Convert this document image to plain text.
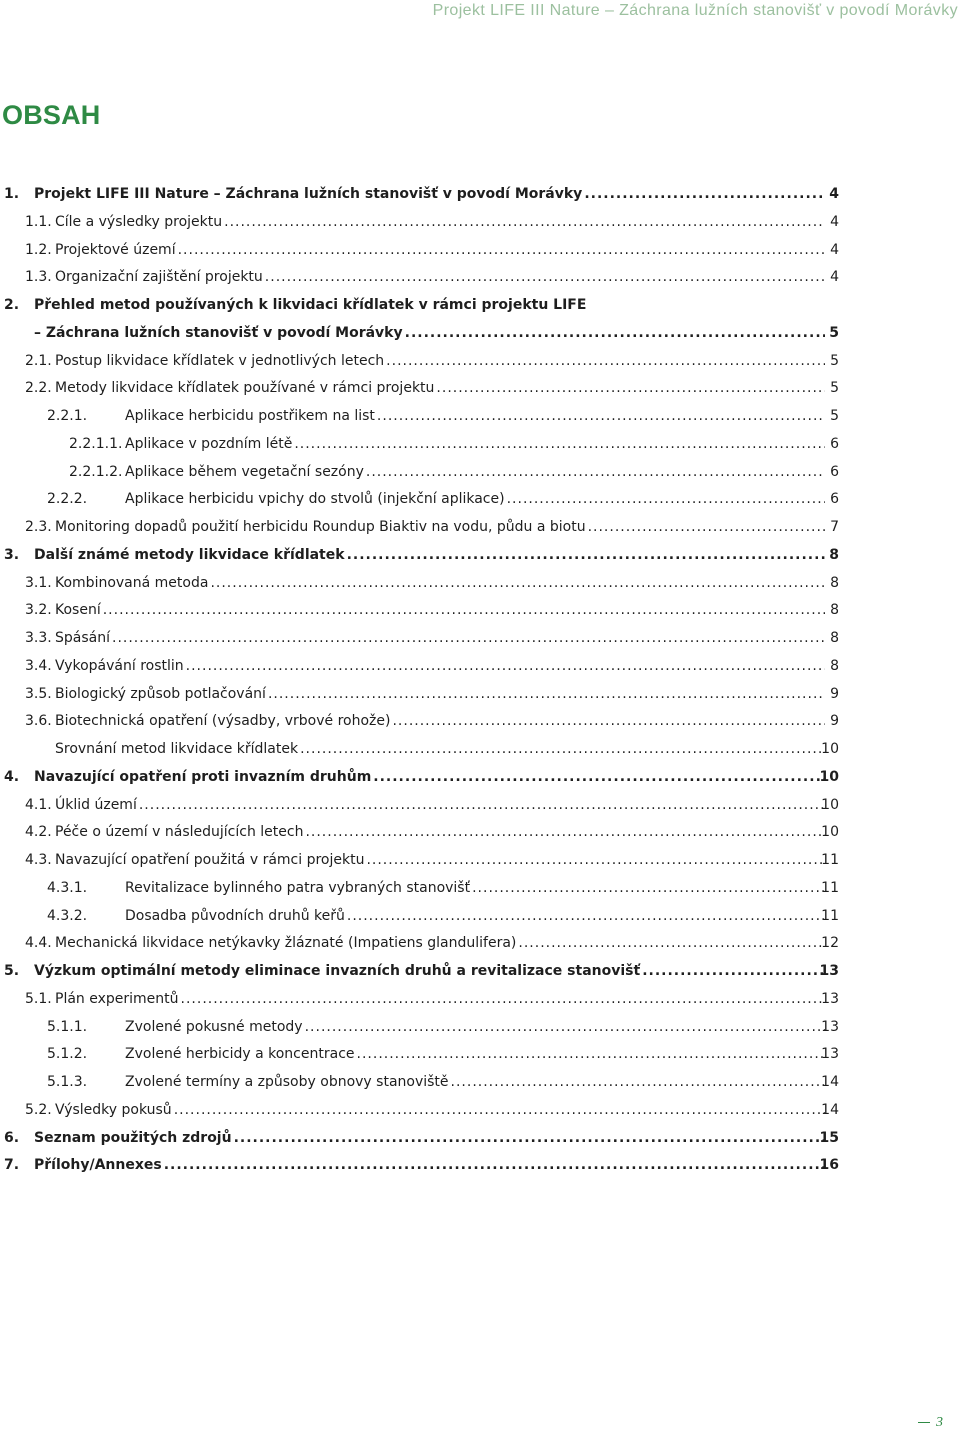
Projekt LIFE III Nature – Záchrana lužních stanovišť v povodí Morávky
OBSAH
1. Projekt LIFE III Nature – Záchrana lužních stanovišť v povodí Morávky .....	4
1.1. Cíle a výsledky projektu .....	4
1.2. Projektové území .....	4
1.3. Organizační zajištění projektu .....	4
2. Přehled metod používaných k likvidaci křídlatek v rámci projektu LIFE
– Záchrana lužních stanovišť v povodí Morávky .....	5
2.1. Postup likvidace křídlatek v jednotlivých letech .....	5
2.2. Metody likvidace křídlatek používané v rámci projektu .....	5
2.2.1.	Aplikace herbicidu postřikem na list .....	5
2.2.1.1. Aplikace v pozdním létě .....	6
2.2.1.2. Aplikace během vegetační sezóny .....	6
2.2.2.	Aplikace herbicidu vpichy do stvolů (injekční aplikace) .....	6
2.3. Monitoring dopadů použití herbicidu Roundup Biaktiv na vodu, půdu a biotu .....	7
3. Další známé metody likvidace křídlatek .....	8
3.1. Kombinovaná metoda .....	8
3.2. Kosení .....	8
3.3. Spásání .....	8
3.4. Vykopávání rostlin .....	8
3.5. Biologický způsob potlačování .....	9
3.6. Biotechnická opatření (výsadby, vrbové rohože) .....	9
Srovnání metod likvidace křídlatek .....	10
4. Navazující opatření proti invazním druhům .....	10
4.1. Úklid území .....	10
4.2. Péče o území v následujících letech .....	10
4.3. Navazující opatření použitá v rámci projektu .....	11
4.3.1.	Revitalizace bylinného patra vybraných stanovišť .....	11
4.3.2.	Dosadba původních druhů keřů .....	11
4.4. Mechanická likvidace netýkavky žláznaté (Impatiens glandulifera) .....	12
5. Výzkum optimální metody eliminace invazních druhů a revitalizace stanovišť .....	13
5.1. Plán experimentů .....	13
5.1.1.	Zvolené pokusné metody .....	13
5.1.2.	Zvolené herbicidy a koncentrace .....	13
5.1.3.	Zvolené termíny a způsoby obnovy stanoviště .....	14
5.2. Výsledky pokusů .....	14
6. Seznam použitých zdrojů .....	15
7. Přílohy/Annexes .....	16
3
